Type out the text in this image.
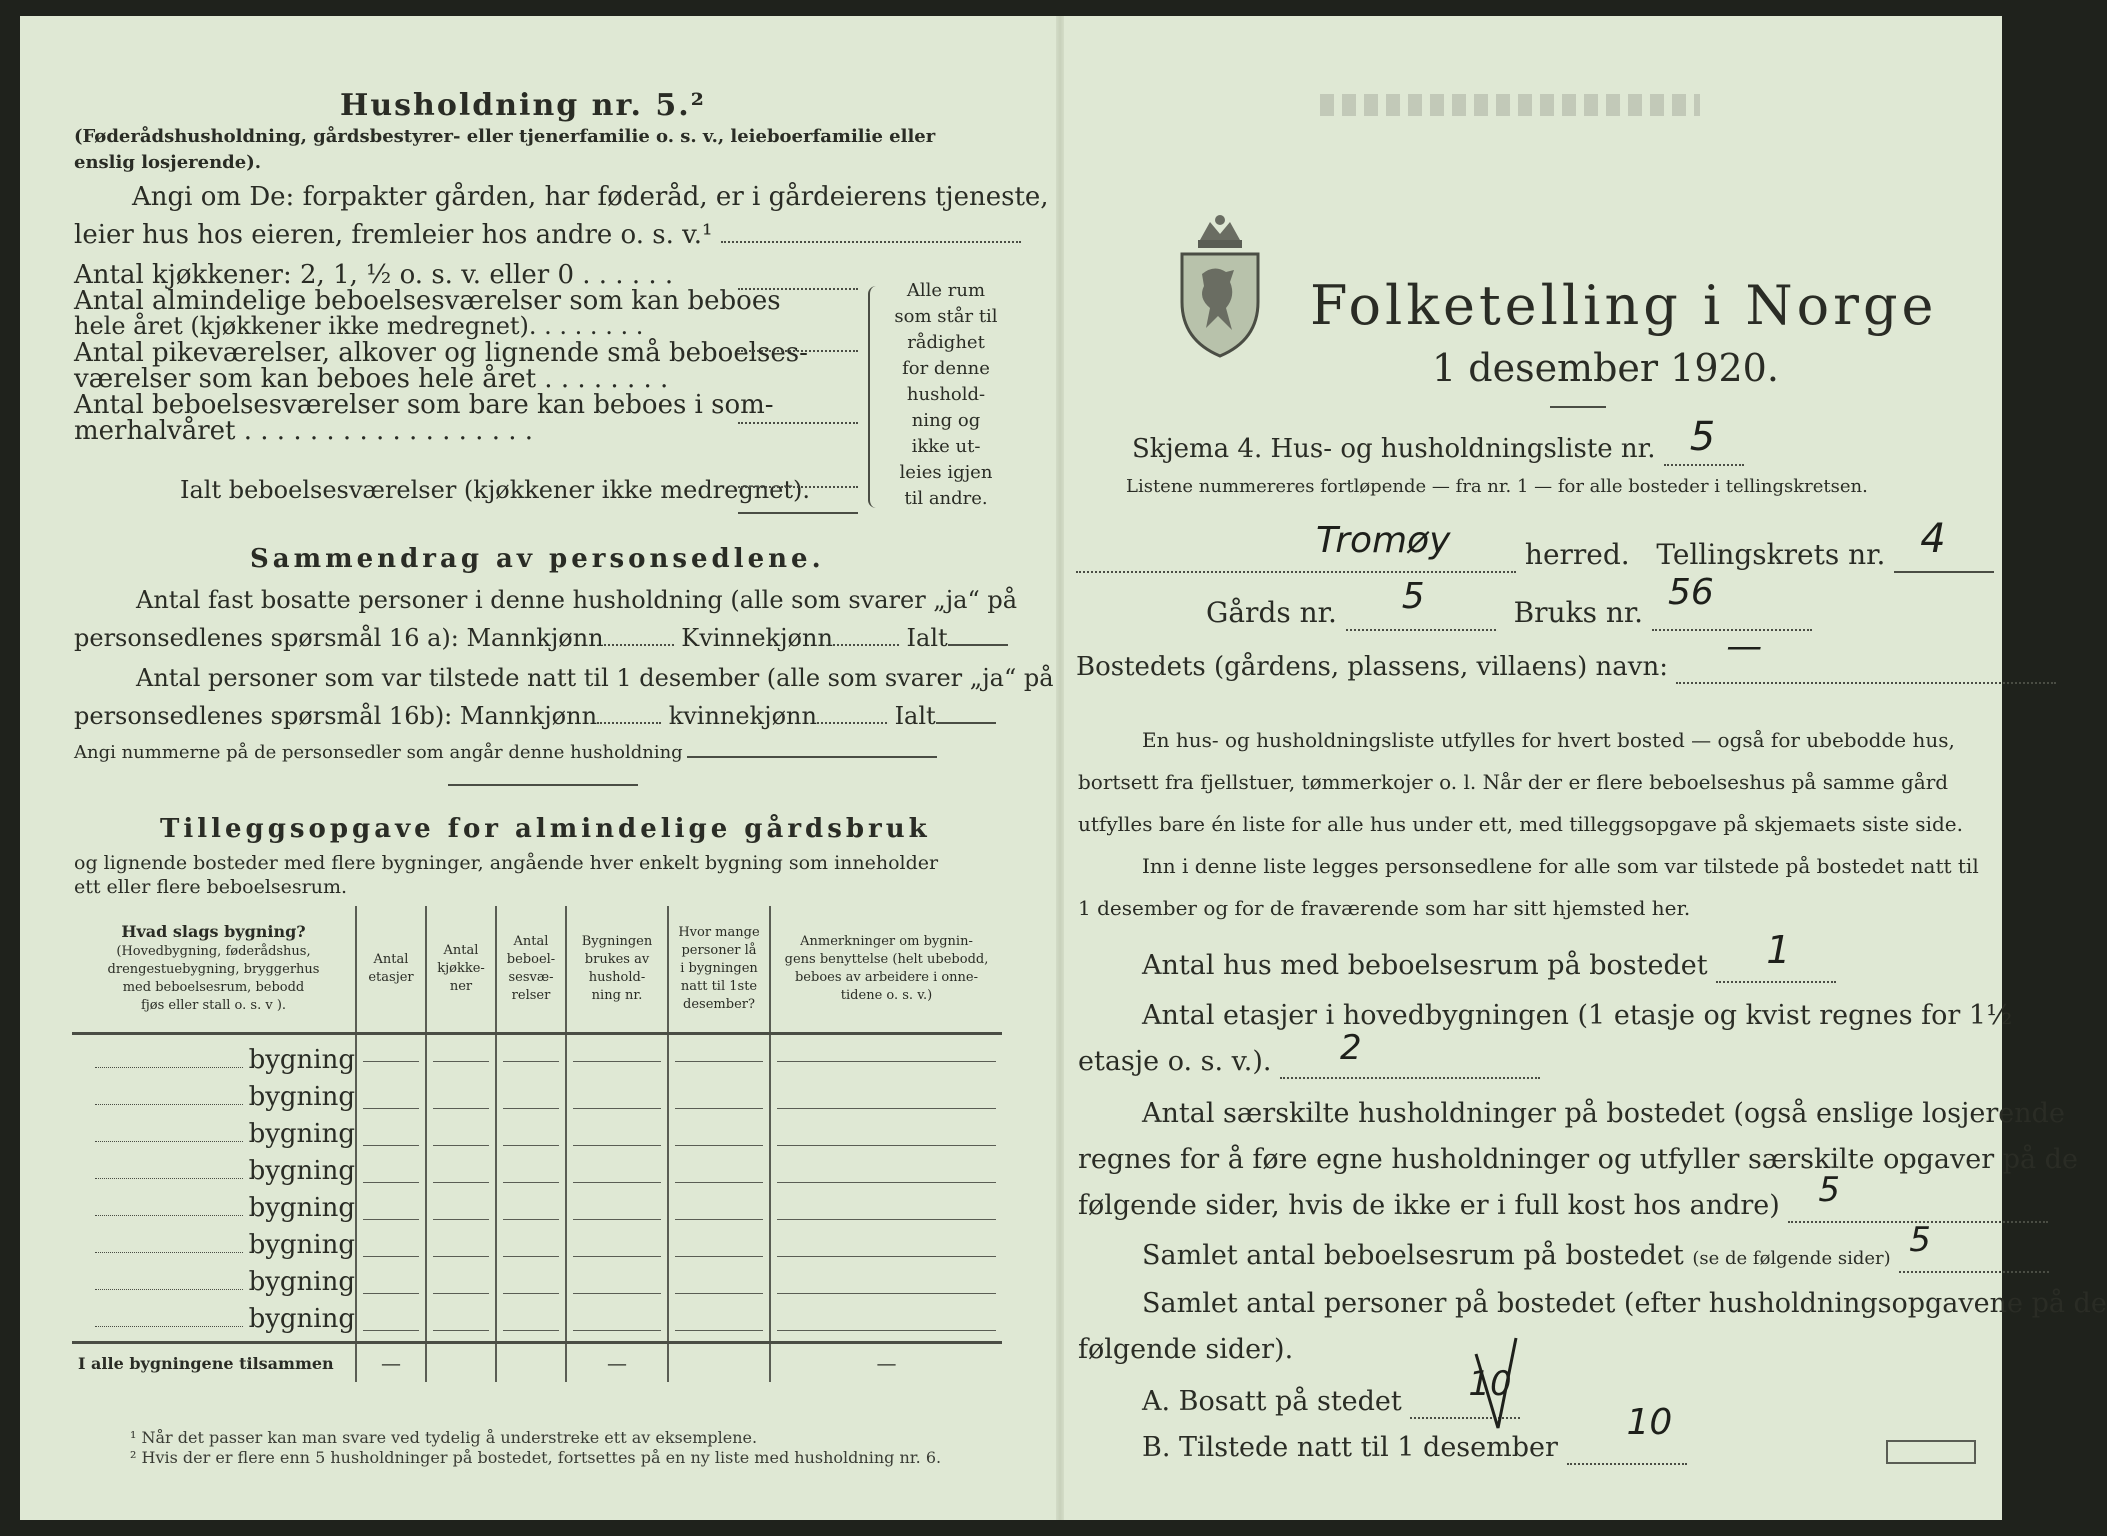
Husholdning nr. 5.²
(Føderådshusholdning, gårdsbestyrer- eller tjenerfamilie o. s. v., leieboerfamilie eller
enslig losjerende).
Angi om De: forpakter gården, har føderåd, er i gårdeierens tjeneste,
leier hus hos eieren, fremleier hos andre o. s. v.¹
Antal kjøkkener: 2, 1, ½ o. s. v. eller 0 . . . . . .
Antal almindelige beboelsesværelser som kan beboes
hele året (kjøkkener ikke medregnet). . . . . . . .
Antal pikeværelser, alkover og lignende små beboelses-
værelser som kan beboes hele året . . . . . . . .
Antal beboelsesværelser som bare kan beboes i som-
merhalvåret . . . . . . . . . . . . . . . . . .
Ialt beboelsesværelser (kjøkkener ikke medregnet).
Alle rum
som står til
rådighet
for denne
hushold-
ning og
ikke ut-
leies igjen
til andre.
Sammendrag av personsedlene.
Antal fast bosatte personer i denne husholdning (alle som svarer „ja“ på
personsedlenes spørsmål 16 a): Mannkjønn	Kvinnekjønn	Ialt
Antal personer som var tilstede natt til 1 desember (alle som svarer „ja“ på
personsedlenes spørsmål 16b): Mannkjønn	kvinnekjønn	Ialt
Angi nummerne på de personsedler som angår denne husholdning
Tilleggsopgave for almindelige gårdsbruk
og lignende bosteder med flere bygninger, angående hver enkelt bygning som inneholder
ett eller flere beboelsesrum.
Hvad slags bygning?
(Hovedbygning, føderådshus,
drengestuebygning, bryggerhus
med beboelsesrum, bebodd
fjøs eller stall o. s. v ).	Antal
etasjer	Antal
kjøkke-
ner	Antal
beboel-
sesvæ-
relser	Bygningen
brukes av
hushold-
ning nr.	Hvor mange
personer lå
i bygningen
natt til 1ste
desember?	Anmerkninger om bygnin-
gens benyttelse (helt ubebodd,
beboes av arbeidere i onne-
tidene o. s. v.)
bygning	

bygning	

bygning	

bygning	

bygning	

bygning	

bygning	

bygning	

I alle bygningene tilsammen	—			—		—
¹ Når det passer kan man svare ved tydelig å understreke ett av eksemplene.
² Hvis der er flere enn 5 husholdninger på bostedet, fortsettes på en ny liste med husholdning nr. 6.
Folketelling i Norge
1 desember 1920.
Skjema 4. Hus- og husholdningsliste nr. 5

Listene nummereres fortløpende — fra nr. 1 — for alle bosteder i tellingskretsen.
Tromøy	herred. Tellingskrets nr. 4

Gårds nr. 5	Bruks nr. 56

Bostedets (gårdens, plassens, villaens) navn: —

En hus- og husholdningsliste utfylles for hvert bosted — også for ubebodde hus,
bortsett fra fjellstuer, tømmerkojer o. l. Når der er flere beboelseshus på samme gård
utfylles bare én liste for alle hus under ett, med tilleggsopgave på skjemaets siste side.
Inn i denne liste legges personsedlene for alle som var tilstede på bostedet natt til
1 desember og for de fraværende som har sitt hjemsted her.
Antal hus med beboelsesrum på bostedet 1

Antal etasjer i hovedbygningen (1 etasje og kvist regnes for 1½
etasje o. s. v.). 2

Antal særskilte husholdninger på bostedet (også enslige losjerende
regnes for å føre egne husholdninger og utfyller særskilte opgaver på de
følgende sider, hvis de ikke er i full kost hos andre) 5

Samlet antal beboelsesrum på bostedet (se de følgende sider) 5

Samlet antal personer på bostedet (efter husholdningsopgavene på de
følgende sider).
A. Bosatt på stedet 10

B. Tilstede natt til 1 desember
10
